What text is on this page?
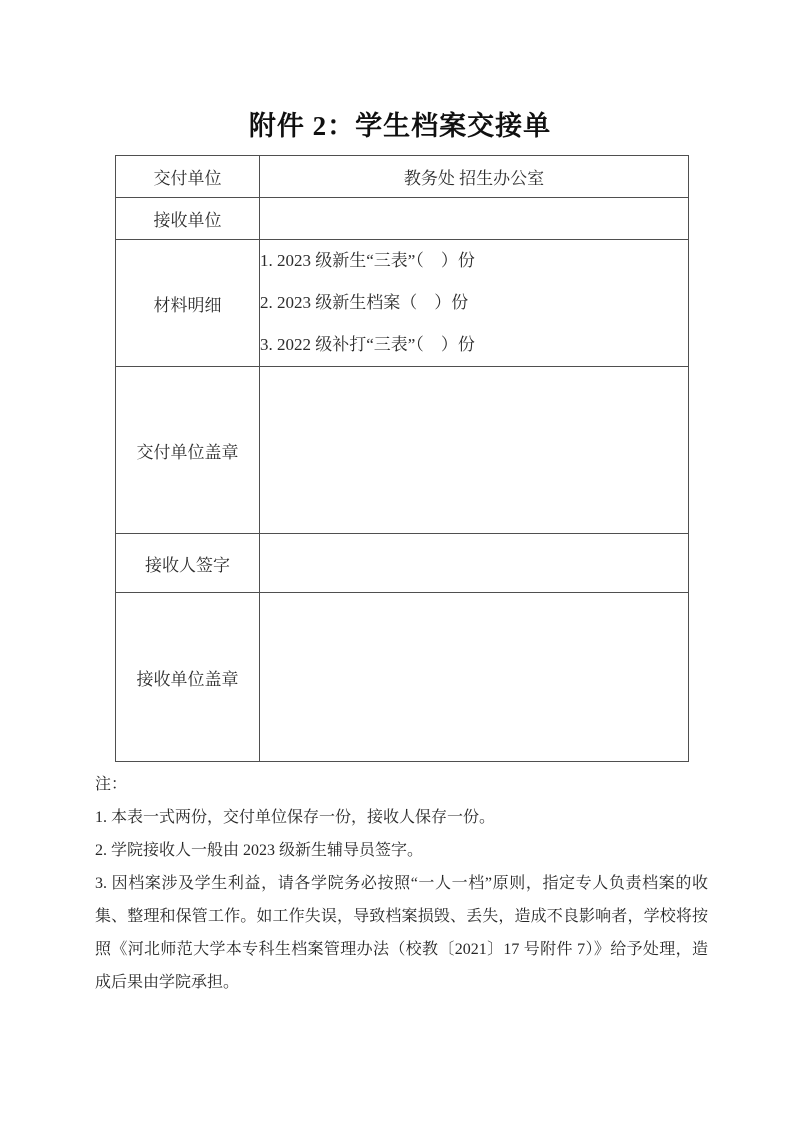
附件 2：学生档案交接单
交付单位	教务处 招生办公室
接收单位	
材料明细	1. 2023 级新生“三表”（　）份
2. 2023 级新生档案（　）份
3. 2022 级补打“三表”（　）份

交付单位盖章	
接收人签字	
接收单位盖章	

注：

1. 本表一式两份，交付单位保存一份，接收人保存一份。

2. 学院接收人一般由 2023 级新生辅导员签字。

3. 因档案涉及学生利益，请各学院务必按照“一人一档”原则，指定专人负责档案的收集、整理和保管工作。如工作失误，导致档案损毁、丢失，造成不良影响者，学校将按照《河北师范大学本专科生档案管理办法（校教〔2021〕17 号附件 7）》给予处理，造成后果由学院承担。
